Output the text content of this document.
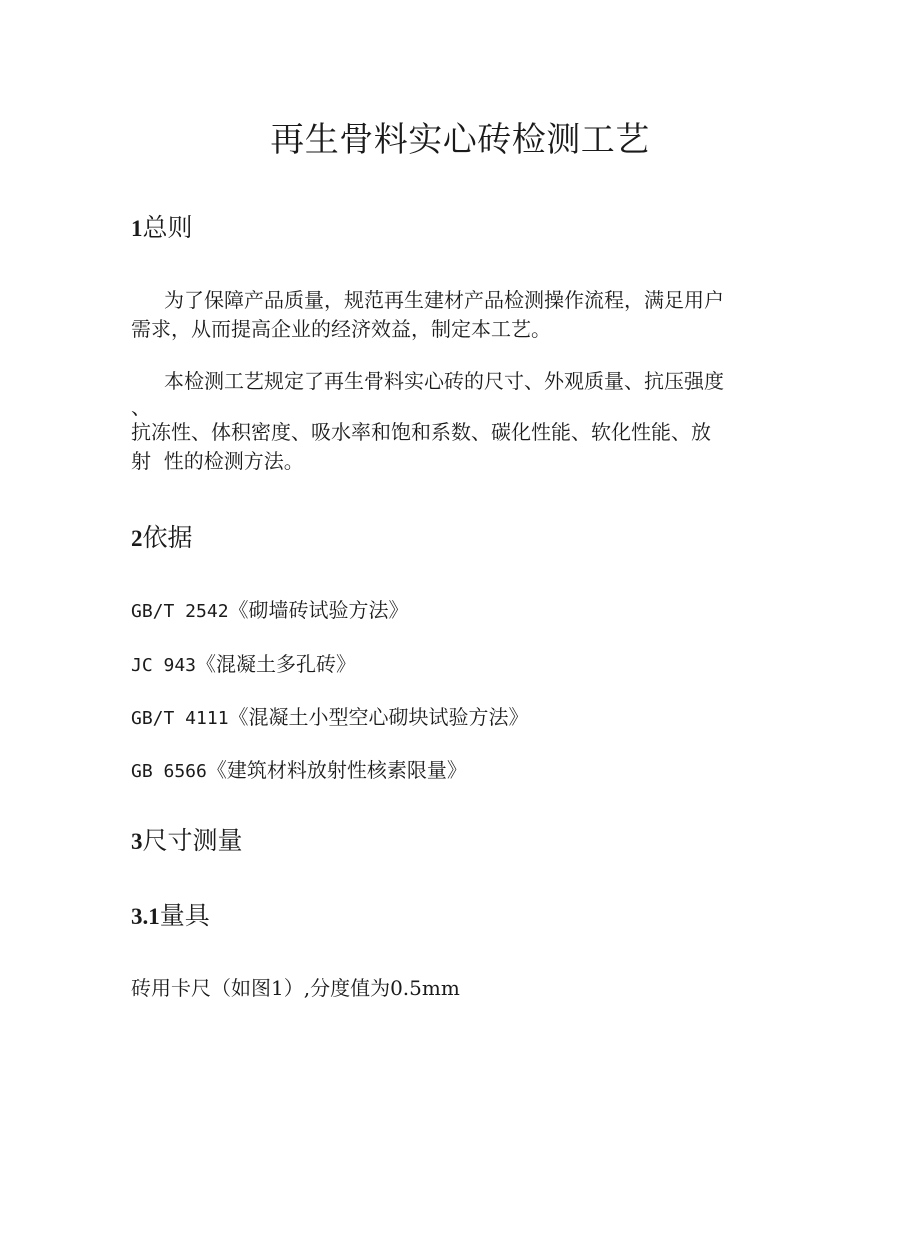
再生骨料实心砖检测工艺
1总则
为了保障产品质量，规范再生建材产品检测操作流程，满足用户
需求，从而提高企业的经济效益，制定本工艺。
本检测工艺规定了再生骨料实心砖的尺寸、外观质量、抗压强度
、
抗冻性、体积密度、吸水率和饱和系数、碳化性能、软化性能、放
射  性的检测方法。
2依据
GB/T 2542《砌墙砖试验方法》
JC 943《混凝土多孔砖》
GB/T 4111《混凝土小型空心砌块试验方法》
GB 6566《建筑材料放射性核素限量》
3尺寸测量
3.1量具
砖用卡尺（如图1）,分度值为0.5mm
